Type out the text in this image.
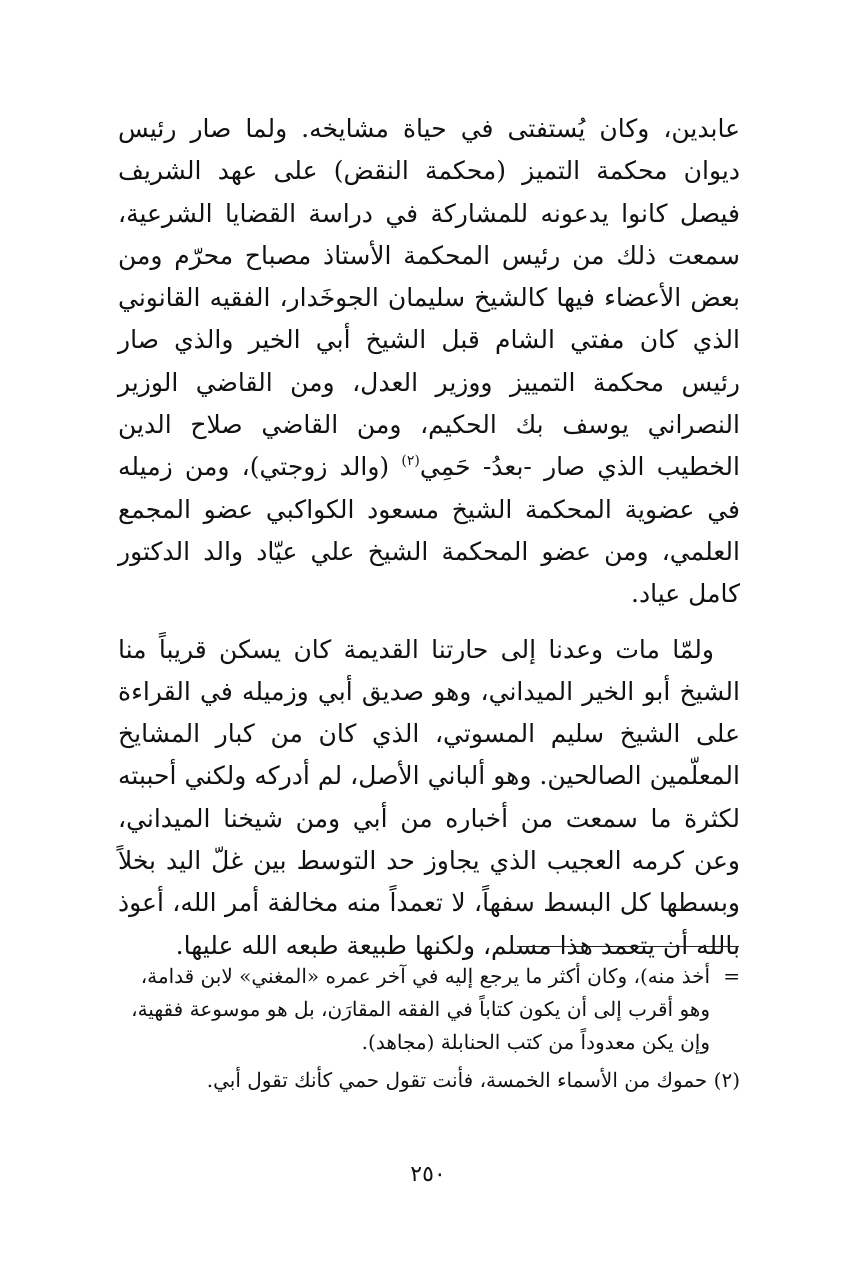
عابدين، وكان يُستفتى في حياة مشايخه. ولما صار رئيس ديوان محكمة التميز (محكمة النقض) على عهد الشريف فيصل كانوا يدعونه للمشاركة في دراسة القضايا الشرعية، سمعت ذلك من رئيس المحكمة الأستاذ مصباح محرّم ومن بعض الأعضاء فيها كالشيخ سليمان الجوخَدار، الفقيه القانوني الذي كان مفتي الشام قبل الشيخ أبي الخير والذي صار رئيس محكمة التمييز ووزير العدل، ومن القاضي الوزير النصراني يوسف بك الحكيم، ومن القاضي صلاح الدين الخطيب الذي صار -بعدُ- حَمِي$^{(٢)}$ (والد زوجتي)، ومن زميله في عضوية المحكمة الشيخ مسعود الكواكبي عضو المجمع العلمي، ومن عضو المحكمة الشيخ علي عيّاد والد الدكتور كامل عياد.

ولمّا مات وعدنا إلى حارتنا القديمة كان يسكن قريباً منا الشيخ أبو الخير الميداني، وهو صديق أبي وزميله في القراءة على الشيخ سليم المسوتي، الذي كان من كبار المشايخ المعلّمين الصالحين. وهو ألباني الأصل، لم أدركه ولكني أحببته لكثرة ما سمعت من أخباره من أبي ومن شيخنا الميداني، وعن كرمه العجيب الذي يجاوز حد التوسط بين غلّ اليد بخلاً وبسطها كل البسط سفهاً، لا تعمداً منه مخالفة أمر الله، أعوذ بالله أن يتعمد هذا مسلم، ولكنها طبيعة طبعه الله عليها.

=أخذ منه)، وكان أكثر ما يرجع إليه في آخر عمره «المغني» لابن قدامة، وهو أقرب إلى أن يكون كتاباً في الفقه المقارَن، بل هو موسوعة فقهية، وإن يكن معدوداً من كتب الحنابلة (مجاهد).

(٢) حموك من الأسماء الخمسة، فأنت تقول حمي كأنك تقول أبي.

٢٥٠
